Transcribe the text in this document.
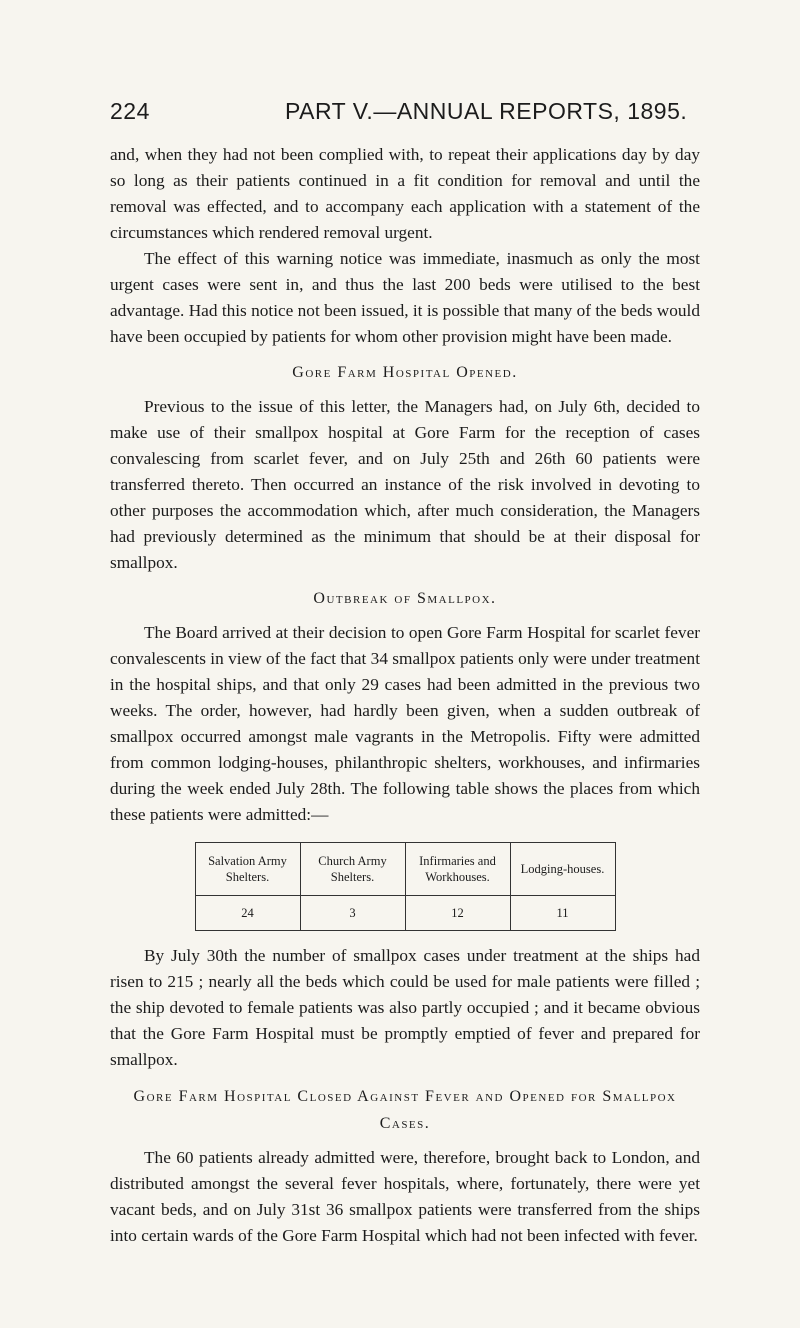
224	PART V.—ANNUAL REPORTS, 1895.

and, when they had not been complied with, to repeat their applications day by day so long as their patients continued in a fit condition for removal and until the removal was effected, and to accompany each application with a statement of the circumstances which rendered removal urgent.

The effect of this warning notice was immediate, inasmuch as only the most urgent cases were sent in, and thus the last 200 beds were utilised to the best advantage. Had this notice not been issued, it is possible that many of the beds would have been occupied by patients for whom other provision might have been made.

Gore Farm Hospital Opened.

Previous to the issue of this letter, the Managers had, on July 6th, decided to make use of their smallpox hospital at Gore Farm for the reception of cases convalescing from scarlet fever, and on July 25th and 26th 60 patients were transferred thereto. Then occurred an instance of the risk involved in devoting to other purposes the accommodation which, after much consideration, the Managers had previously determined as the minimum that should be at their disposal for smallpox.

Outbreak of Smallpox.

The Board arrived at their decision to open Gore Farm Hospital for scarlet fever convalescents in view of the fact that 34 smallpox patients only were under treatment in the hospital ships, and that only 29 cases had been admitted in the previous two weeks. The order, however, had hardly been given, when a sudden outbreak of smallpox occurred amongst male vagrants in the Metropolis. Fifty were admitted from common lodging-houses, philanthropic shelters, workhouses, and infirmaries during the week ended July 28th. The following table shows the places from which these patients were admitted:—

Salvation Army Shelters.	Church Army Shelters.	Infirmaries and Workhouses.	Lodging-houses.
24	3	12	11

By July 30th the number of smallpox cases under treatment at the ships had risen to 215 ; nearly all the beds which could be used for male patients were filled ; the ship devoted to female patients was also partly occupied ; and it became obvious that the Gore Farm Hospital must be promptly emptied of fever and prepared for smallpox.

Gore Farm Hospital Closed Against Fever and Opened for Smallpox Cases.

The 60 patients already admitted were, therefore, brought back to London, and distributed amongst the several fever hospitals, where, fortunately, there were yet vacant beds, and on July 31st 36 smallpox patients were transferred from the ships into certain wards of the Gore Farm Hospital which had not been infected with fever.
